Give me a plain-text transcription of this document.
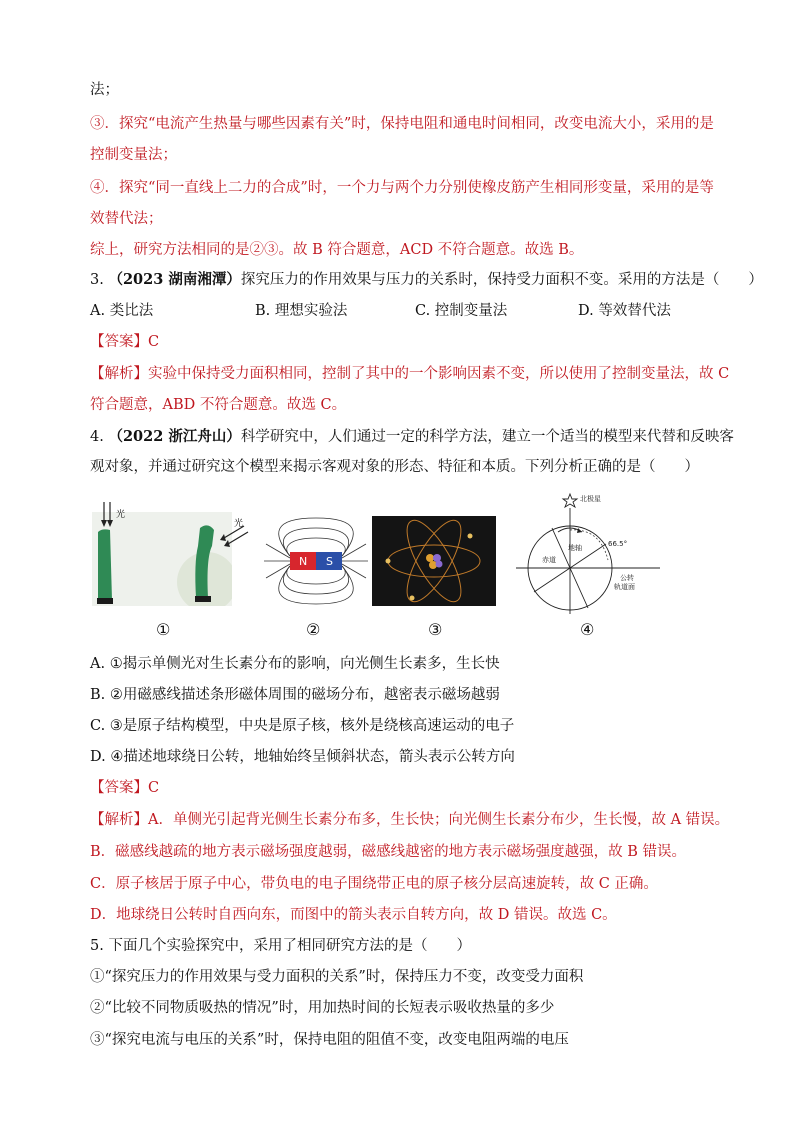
法；
③．探究“电流产生热量与哪些因素有关”时，保持电阻和通电时间相同，改变电流大小，采用的是
控制变量法；
④．探究“同一直线上二力的合成”时，一个力与两个力分别使橡皮筋产生相同形变量，采用的是等
效替代法；
综上，研究方法相同的是②③。故 B 符合题意，ACD 不符合题意。故选 B。
3. （2023 湖南湘潭）探究压力的作用效果与压力的关系时，保持受力面积不变。采用的方法是（　　）
A. 类比法	B. 理想实验法	C. 控制变量法	D. 等效替代法
【答案】C
【解析】实验中保持受力面积相同，控制了其中的一个影响因素不变，所以使用了控制变量法，故 C
符合题意，ABD 不符合题意。故选 C。
4. （2022 浙江舟山）科学研究中，人们通过一定的科学方法，建立一个适当的模型来代替和反映客
观对象，并通过研究这个模型来揭示客观对象的形态、特征和本质。下列分析正确的是（　　）
光
光
N S
北极星
66.5°
赤道
地轴
公转
轨道面
①	②	③	④
A. ①揭示单侧光对生长素分布的影响，向光侧生长素多，生长快
B. ②用磁感线描述条形磁体周围的磁场分布，越密表示磁场越弱
C. ③是原子结构模型，中央是原子核，核外是绕核高速运动的电子
D. ④描述地球绕日公转，地轴始终呈倾斜状态，箭头表示公转方向
【答案】C
【解析】A．单侧光引起背光侧生长素分布多，生长快；向光侧生长素分布少，生长慢，故 A 错误。
B．磁感线越疏的地方表示磁场强度越弱，磁感线越密的地方表示磁场强度越强，故 B 错误。
C．原子核居于原子中心，带负电的电子围绕带正电的原子核分层高速旋转，故 C 正确。
D．地球绕日公转时自西向东，而图中的箭头表示自转方向，故 D 错误。故选 C。
5. 下面几个实验探究中，采用了相同研究方法的是（　　）
①“探究压力的作用效果与受力面积的关系”时，保持压力不变，改变受力面积
②“比较不同物质吸热的情况”时，用加热时间的长短表示吸收热量的多少
③“探究电流与电压的关系”时，保持电阻的阻值不变，改变电阻两端的电压
